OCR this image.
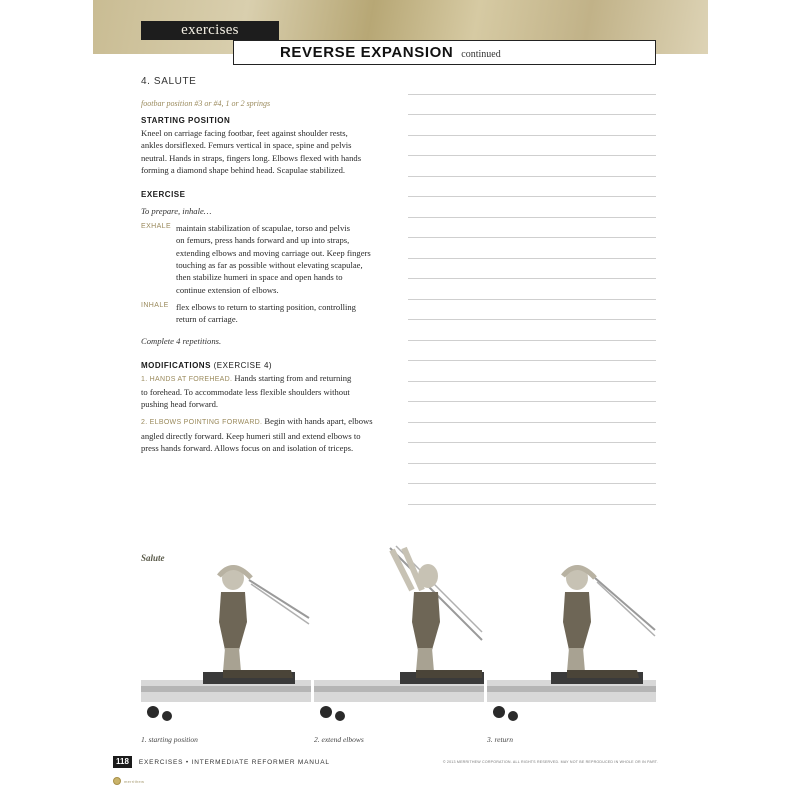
exercises
REVERSE EXPANSION continued
4. SALUTE
footbar position #3 or #4, 1 or 2 springs
STARTING POSITION
Kneel on carriage facing footbar, feet against shoulder rests,
ankles dorsiflexed. Femurs vertical in space, spine and pelvis
neutral. Hands in straps, fingers long. Elbows flexed with hands
forming a diamond shape behind head. Scapulae stabilized.
EXERCISE
To prepare, inhale…
EXHALE maintain stabilization of scapulae, torso and pelvis
on femurs, press hands forward and up into straps,
extending elbows and moving carriage out. Keep fingers
touching as far as possible without elevating scapulae,
then stabilize humeri in space and open hands to
continue extension of elbows.
INHALE flex elbows to return to starting position, controlling
return of carriage.
Complete 4 repetitions.
MODIFICATIONS (EXERCISE 4)
1. HANDS AT FOREHEAD. Hands starting from and returning
to forehead. To accommodate less flexible shoulders without
pushing head forward.
2. ELBOWS POINTING FORWARD. Begin with hands apart, elbows
angled directly forward. Keep humeri still and extend elbows to
press hands forward. Allows focus on and isolation of triceps.
Salute
1. starting position	2. extend elbows	3. return
118	EXERCISES • INTERMEDIATE REFORMER MANUAL	© 2013 MERRITHEW CORPORATION. ALL RIGHTS RESERVED. MAY NOT BE REPRODUCED IN WHOLE OR IN PART.
merrithew
